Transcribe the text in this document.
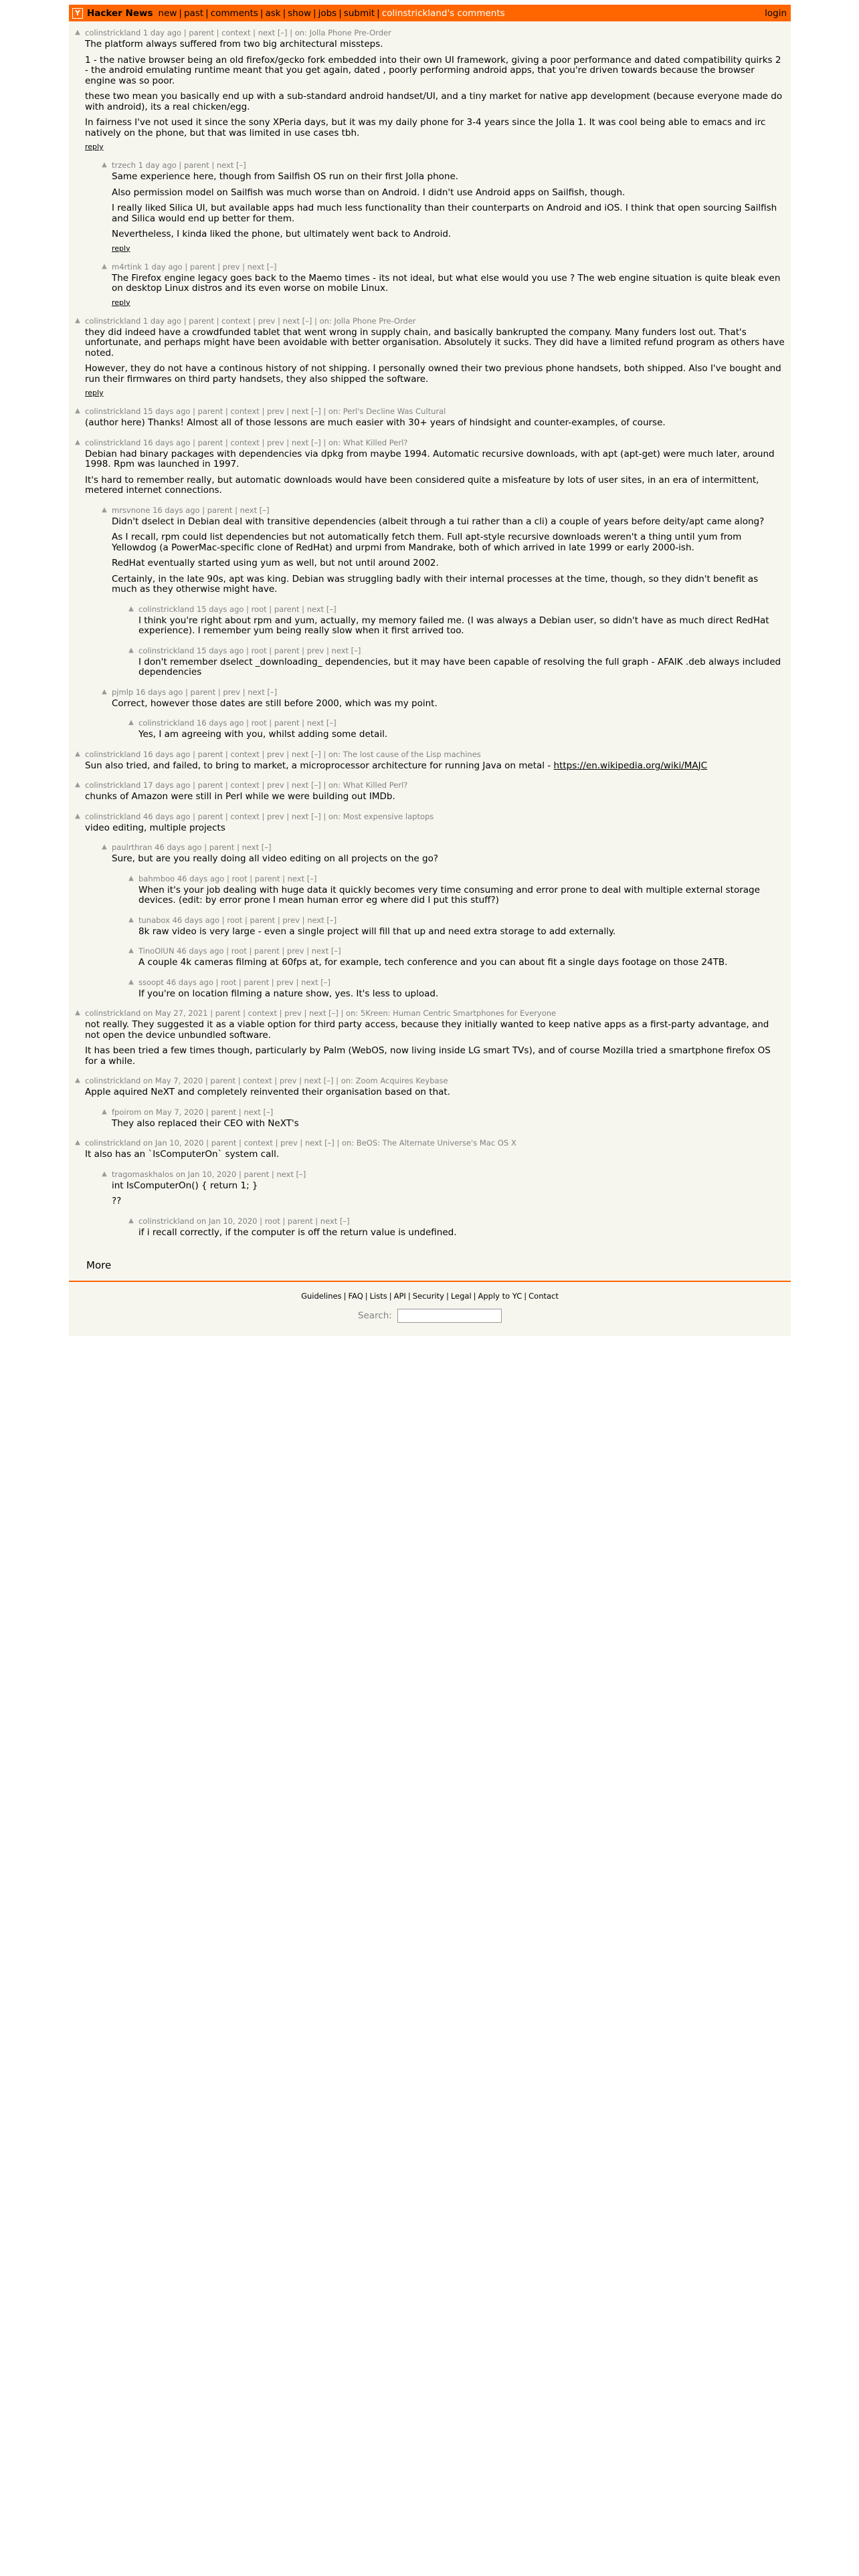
Y Hacker News new | past | comments | ask | show | jobs | submit | colinstrickland's comments	login
▲ colinstrickland 1 day ago | parent | context | next [–] | on: Jolla Phone Pre-Order

The platform always suffered from two big architectural missteps.

1 - the native browser being an old firefox/gecko fork embedded into their own UI framework, giving a poor performance and dated compatibility quirks 2 - the android emulating runtime meant that you get again, dated , poorly performing android apps, that you're driven towards because the browser engine was so poor.

these two mean you basically end up with a sub-standard android handset/UI, and a tiny market for native app development (because everyone made do with android), its a real chicken/egg.

In fairness I've not used it since the sony XPeria days, but it was my daily phone for 3-4 years since the Jolla 1. It was cool being able to emacs and irc natively on the phone, but that was limited in use cases tbh.

reply
▲ trzech 1 day ago | parent | next [–]

Same experience here, though from Sailfish OS run on their first Jolla phone.

Also permission model on Sailfish was much worse than on Android. I didn't use Android apps on Sailfish, though.

I really liked Silica UI, but available apps had much less functionality than their counterparts on Android and iOS. I think that open sourcing Sailfish and Silica would end up better for them.

Nevertheless, I kinda liked the phone, but ultimately went back to Android.

reply
▲ m4rtink 1 day ago | parent | prev | next [–]

The Firefox engine legacy goes back to the Maemo times - its not ideal, but what else would you use ? The web engine situation is quite bleak even on desktop Linux distros and its even worse on mobile Linux.

reply
▲ colinstrickland 1 day ago | parent | context | prev | next [–] | on: Jolla Phone Pre-Order

they did indeed have a crowdfunded tablet that went wrong in supply chain, and basically bankrupted the company. Many funders lost out. That's unfortunate, and perhaps might have been avoidable with better organisation. Absolutely it sucks. They did have a limited refund program as others have noted.

However, they do not have a continous history of not shipping. I personally owned their two previous phone handsets, both shipped. Also I've bought and run their firmwares on third party handsets, they also shipped the software.

reply
▲ colinstrickland 15 days ago | parent | context | prev | next [–] | on: Perl's Decline Was Cultural

(author here) Thanks! Almost all of those lessons are much easier with 30+ years of hindsight and counter-examples, of course.

▲ colinstrickland 16 days ago | parent | context | prev | next [–] | on: What Killed Perl?

Debian had binary packages with dependencies via dpkg from maybe 1994. Automatic recursive downloads, with apt (apt-get) were much later, around 1998. Rpm was launched in 1997.

It's hard to remember really, but automatic downloads would have been considered quite a misfeature by lots of user sites, in an era of intermittent, metered internet connections.

▲ mrsvnone 16 days ago | parent | next [–]

Didn't dselect in Debian deal with transitive dependencies (albeit through a tui rather than a cli) a couple of years before deity/apt came along?

As I recall, rpm could list dependencies but not automatically fetch them. Full apt-style recursive downloads weren't a thing until yum from Yellowdog (a PowerMac-specific clone of RedHat) and urpmi from Mandrake, both of which arrived in late 1999 or early 2000-ish.

RedHat eventually started using yum as well, but not until around 2002.

Certainly, in the late 90s, apt was king. Debian was struggling badly with their internal processes at the time, though, so they didn't benefit as much as they otherwise might have.

▲ colinstrickland 15 days ago | root | parent | next [–]

I think you're right about rpm and yum, actually, my memory failed me. (I was always a Debian user, so didn't have as much direct RedHat experience). I remember yum being really slow when it first arrived too.

▲ colinstrickland 15 days ago | root | parent | prev | next [–]

I don't remember dselect _downloading_ dependencies, but it may have been capable of resolving the full graph - AFAIK .deb always included dependencies

▲ pjmlp 16 days ago | parent | prev | next [–]

Correct, however those dates are still before 2000, which was my point.

▲ colinstrickland 16 days ago | root | parent | next [–]

Yes, I am agreeing with you, whilst adding some detail.

▲ colinstrickland 16 days ago | parent | context | prev | next [–] | on: The lost cause of the Lisp machines

Sun also tried, and failed, to bring to market, a microprocessor architecture for running Java on metal - https://en.wikipedia.org/wiki/MAJC

▲ colinstrickland 17 days ago | parent | context | prev | next [–] | on: What Killed Perl?

chunks of Amazon were still in Perl while we were building out IMDb.

▲ colinstrickland 46 days ago | parent | context | prev | next [–] | on: Most expensive laptops

video editing, multiple projects

▲ paulrthran 46 days ago | parent | next [–]

Sure, but are you really doing all video editing on all projects on the go?

▲ bahmboo 46 days ago | root | parent | next [–]

When it's your job dealing with huge data it quickly becomes very time consuming and error prone to deal with multiple external storage devices. (edit: by error prone I mean human error eg where did I put this stuff?)

▲ tunabox 46 days ago | root | parent | prev | next [–]

8k raw video is very large - even a single project will fill that up and need extra storage to add externally.

▲ TinoOlUN 46 days ago | root | parent | prev | next [–]

A couple 4k cameras filming at 60fps at, for example, tech conference and you can about fit a single days footage on those 24TB.

▲ ssoopt 46 days ago | root | parent | prev | next [–]

If you're on location filming a nature show, yes. It's less to upload.

▲ colinstrickland on May 27, 2021 | parent | context | prev | next [–] | on: 5Kreen: Human Centric Smartphones for Everyone

not really. They suggested it as a viable option for third party access, because they initially wanted to keep native apps as a first-party advantage, and not open the device unbundled software.

It has been tried a few times though, particularly by Palm (WebOS, now living inside LG smart TVs), and of course Mozilla tried a smartphone firefox OS for a while.

▲ colinstrickland on May 7, 2020 | parent | context | prev | next [–] | on: Zoom Acquires Keybase

Apple aquired NeXT and completely reinvented their organisation based on that.

▲ fpoirom on May 7, 2020 | parent | next [–]

They also replaced their CEO with NeXT's

▲ colinstrickland on Jan 10, 2020 | parent | context | prev | next [–] | on: BeOS: The Alternate Universe's Mac OS X

It also has an `IsComputerOn` system call.

▲ tragomaskhalos on Jan 10, 2020 | parent | next [–]

int IsComputerOn() { return 1; }

??

▲ colinstrickland on Jan 10, 2020 | root | parent | next [–]

if i recall correctly, if the computer is off the return value is undefined.

More
Guidelines | FAQ | Lists | API | Security | Legal | Apply to YC | Contact
Search:
